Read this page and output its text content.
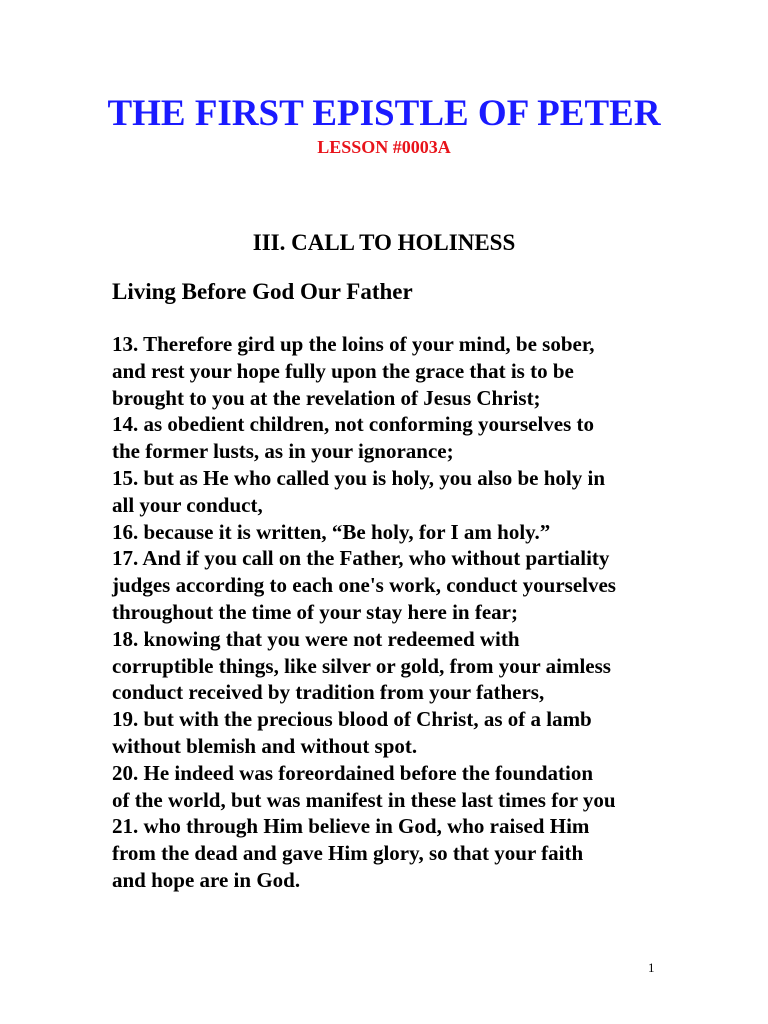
THE FIRST EPISTLE OF PETER
LESSON #0003A
III. CALL TO HOLINESS
Living Before God Our Father
13. Therefore gird up the loins of your mind, be sober,
and rest your hope fully upon the grace that is to be
brought to you at the revelation of Jesus Christ;
14. as obedient children, not conforming yourselves to
the former lusts, as in your ignorance;
15. but as He who called you is holy, you also be holy in
all your conduct,
16. because it is written, “Be holy, for I am holy.”
17. And if you call on the Father, who without partiality
judges according to each one's work, conduct yourselves
throughout the time of your stay here in fear;
18. knowing that you were not redeemed with
corruptible things, like silver or gold, from your aimless
conduct received by tradition from your fathers,
19. but with the precious blood of Christ, as of a lamb
without blemish and without spot.
20. He indeed was foreordained before the foundation
of the world, but was manifest in these last times for you
21. who through Him believe in God, who raised Him
from the dead and gave Him glory, so that your faith
and hope are in God.
1
